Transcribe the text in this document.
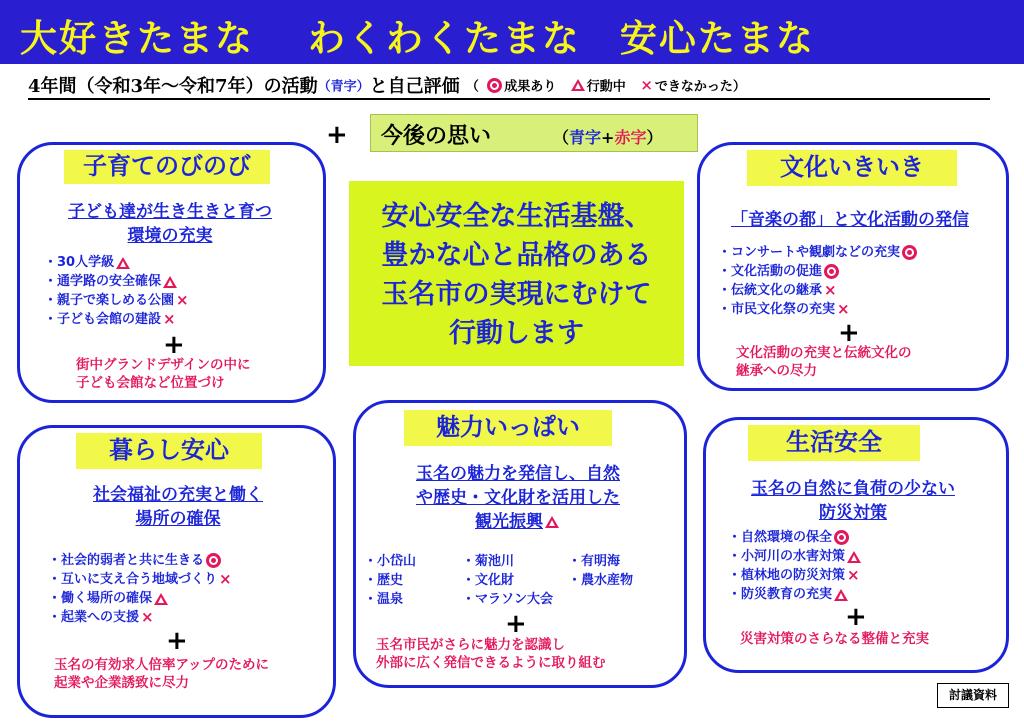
大好きたまな　 わくわくたまな　安心たまな
4年間（令和3年～令和7年）の活動（青字）と自己評価 （ 成果あり 行動中 × できなかった）
+ 今後の思い	（青字+赤字）
安心安全な生活基盤、
豊かな心と品格のある
玉名市の実現にむけて
行動します
子育てのびのび
子ども達が生き生きと育つ
環境の充実
・30人学級
・通学路の安全確保
・親子で楽しめる公園 ×
・子ども会館の建設 ×
+
街中グランドデザインの中に
子ども会館など位置づけ
文化いきいき
「音楽の都」と文化活動の発信
・コンサートや観劇などの充実
・文化活動の促進
・伝統文化の継承 ×
・市民文化祭の充実 ×
+
文化活動の充実と伝統文化の
継承への尽力
暮らし安心
社会福祉の充実と働く
場所の確保
・社会的弱者と共に生きる
・互いに支え合う地域づくり ×
・働く場所の確保
・起業への支援 ×
+
玉名の有効求人倍率アップのために
起業や企業誘致に尽力
魅力いっぱい
玉名の魅力を発信し、自然
や歴史・文化財を活用した
観光振興
・小岱山
・歴史
・温泉
・菊池川
・文化財
・マラソン大会
・有明海
・農水産物
+
玉名市民がさらに魅力を認識し
外部に広く発信できるように取り組む
生活安全
玉名の自然に負荷の少ない
防災対策
・自然環境の保全
・小河川の水害対策
・植林地の防災対策 ×
・防災教育の充実
+
災害対策のさらなる整備と充実
討議資料
